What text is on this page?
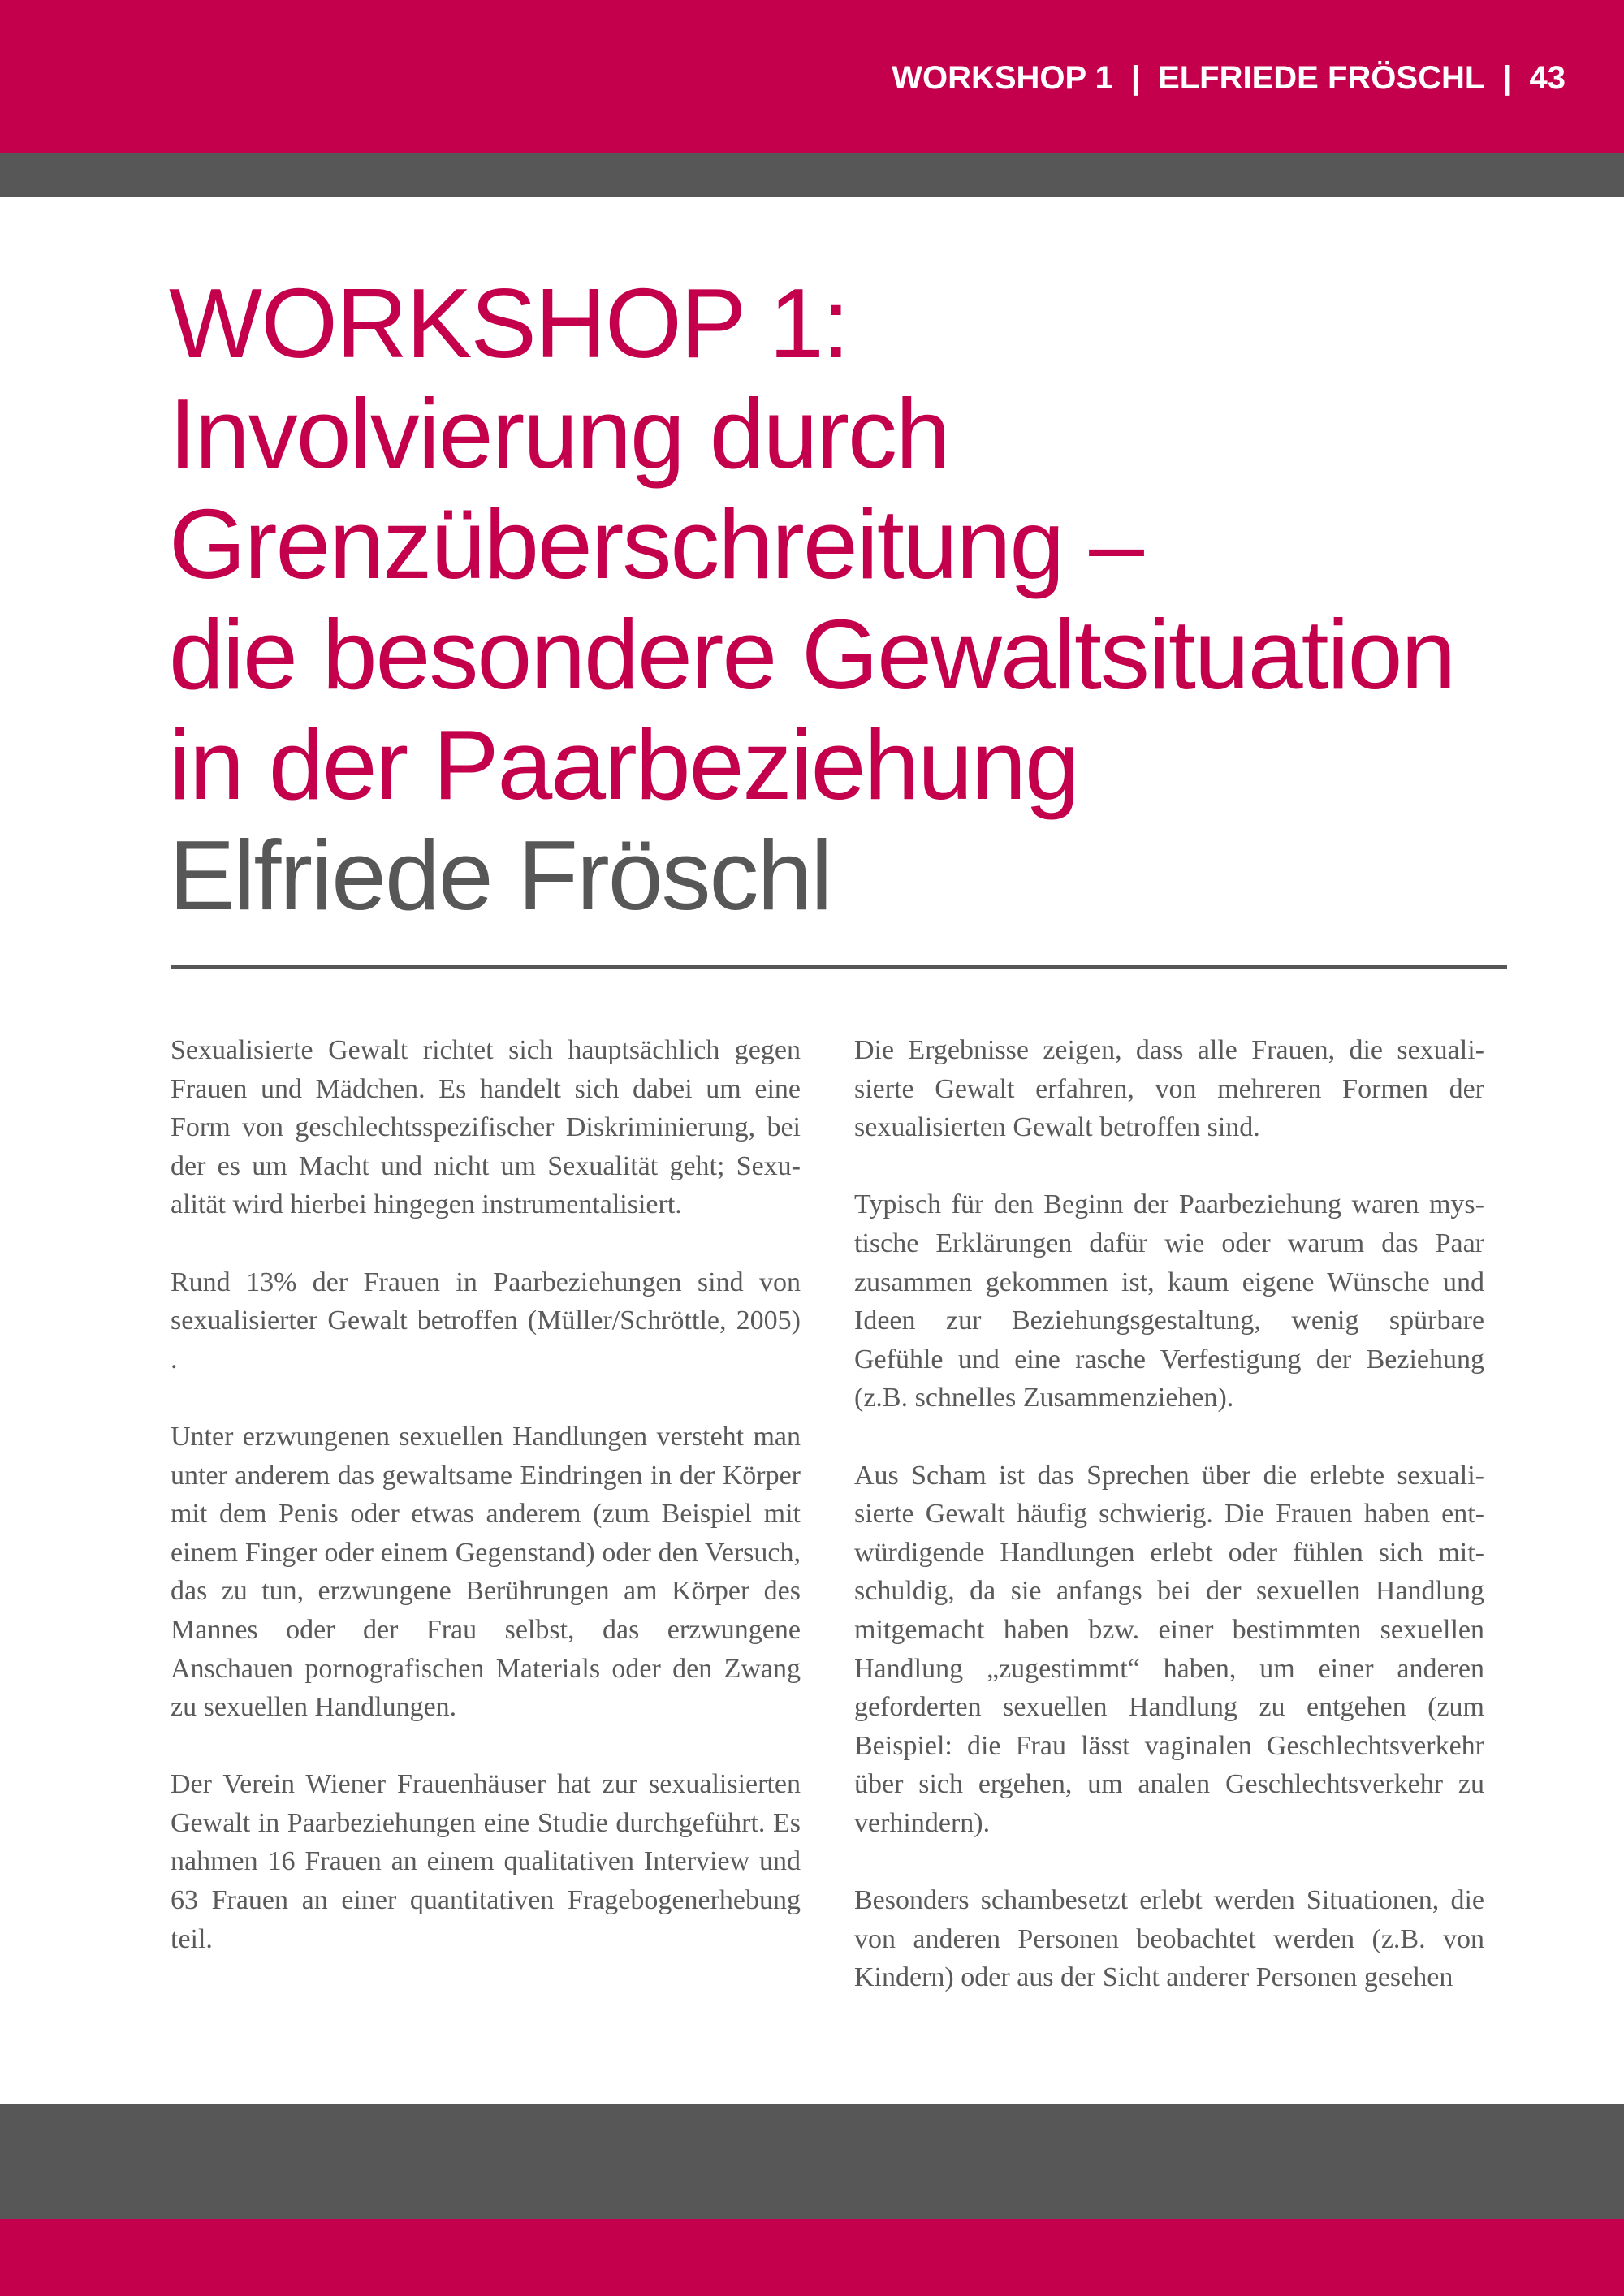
WORKSHOP 1 | ELFRIEDE FRÖSCHL | 43
WORKSHOP 1:
Involvierung durch
Grenzüberschreitung –
die besondere Gewaltsituation
in der Paarbeziehung
Elfriede Fröschl

Sexualisierte Gewalt richtet sich hauptsächlich gegen Frauen und Mädchen. Es handelt sich dabei um eine Form von geschlechtsspezifischer Diskriminierung, bei der es um Macht und nicht um Sexualität geht; Sexualität wird hierbei hingegen instrumentalisiert.

Rund 13% der Frauen in Paarbeziehungen sind von sexualisierter Gewalt betroffen (Müller/Schröttle, 2005) .

Unter erzwungenen sexuellen Handlungen versteht man unter anderem das gewaltsame Eindringen in der Körper mit dem Penis oder etwas anderem (zum Beispiel mit einem Finger oder einem Gegenstand) oder den Versuch, das zu tun, erzwungene Berührungen am Körper des Mannes oder der Frau selbst, das erzwungene Anschauen pornografischen Materials oder den Zwang zu sexuellen Handlungen.

Der Verein Wiener Frauenhäuser hat zur sexualisierten Gewalt in Paarbeziehungen eine Studie durchgeführt. Es nahmen 16 Frauen an einem qualitativen Interview und 63 Frauen an einer quantitativen Fragebogenerhebung teil.

Die Ergebnisse zeigen, dass alle Frauen, die sexualisierte Gewalt erfahren, von mehreren Formen der sexualisierten Gewalt betroffen sind.

Typisch für den Beginn der Paarbeziehung waren mystische Erklärungen dafür wie oder warum das Paar zusammen gekommen ist, kaum eigene Wünsche und Ideen zur Beziehungsgestaltung, wenig spürbare Gefühle und eine rasche Verfestigung der Beziehung (z.B. schnelles Zusammenziehen).

Aus Scham ist das Sprechen über die erlebte sexualisierte Gewalt häufig schwierig. Die Frauen haben entwürdigende Handlungen erlebt oder fühlen sich mitschuldig, da sie anfangs bei der sexuellen Handlung mitgemacht haben bzw. einer bestimmten sexuellen Handlung „zugestimmt“ haben, um einer anderen geforderten sexuellen Handlung zu entgehen (zum Beispiel: die Frau lässt vaginalen Geschlechtsverkehr über sich ergehen, um analen Geschlechtsverkehr zu verhindern).

Besonders schambesetzt erlebt werden Situationen, die von anderen Personen beobachtet werden (z.B. von Kindern) oder aus der Sicht anderer Personen gesehen
